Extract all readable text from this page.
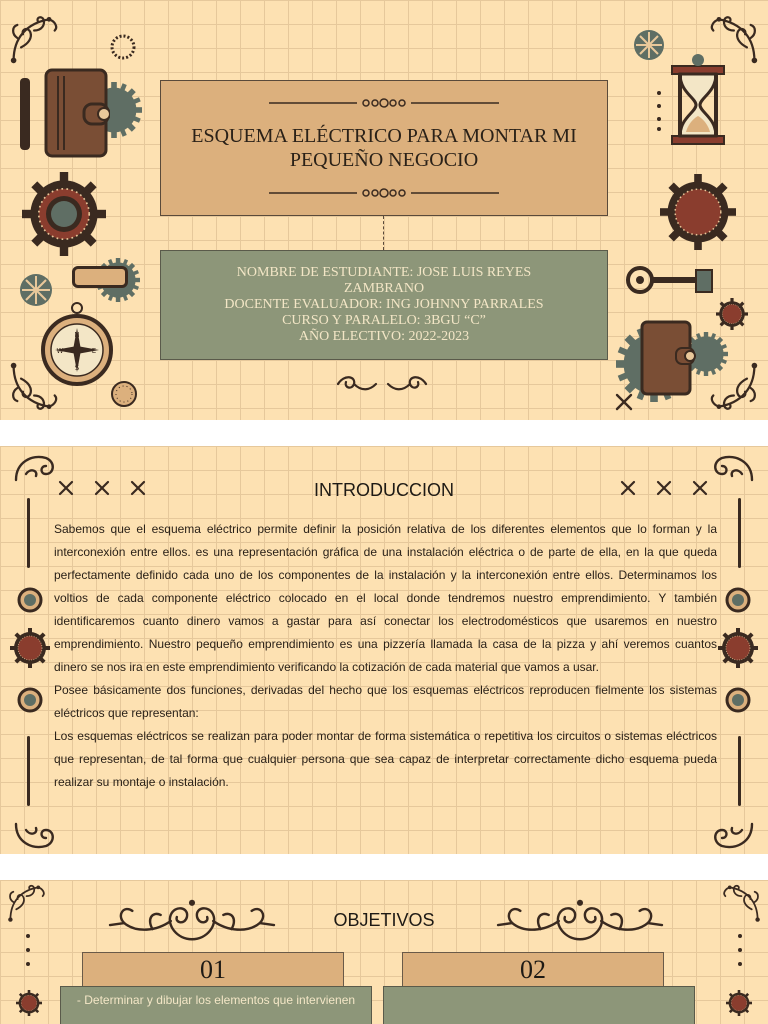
N
S
E
W
ESQUEMA ELÉCTRICO PARA MONTAR MI PEQUEÑO NEGOCIO
NOMBRE DE ESTUDIANTE: JOSE LUIS REYES ZAMBRANO
DOCENTE EVALUADOR: ING JOHNNY PARRALES
CURSO Y PARALELO: 3BGU “C”
AÑO ELECTIVO: 2022-2023
INTRODUCCION

Sabemos que el esquema eléctrico permite definir la posición relativa de los diferentes elementos que lo forman y la interconexión entre ellos. es una representación gráfica de una instalación eléctrica o de parte de ella, en la que queda perfectamente definido cada uno de los componentes de la instalación y la interconexión entre ellos. Determinamos los voltios de cada componente eléctrico colocado en el local donde tendremos nuestro emprendimiento. Y también identificaremos cuanto dinero vamos a gastar para así conectar los electrodomésticos que usaremos en nuestro emprendimiento. Nuestro pequeño emprendimiento es una pizzería llamada la casa de la pizza y ahí veremos cuantos dinero se nos ira en este emprendimiento verificando la cotización de cada material que vamos a usar.

Posee básicamente dos funciones, derivadas del hecho que los esquemas eléctricos reproducen fielmente los sistemas eléctricos que representan:

Los esquemas eléctricos se realizan para poder montar de forma sistemática o repetitiva los circuitos o sistemas eléctricos que representan, de tal forma que cualquier persona que sea capaz de interpretar correctamente dicho esquema pueda realizar su montaje o instalación.

OBJETIVOS
01	02
- Determinar y dibujar los elementos que intervienen
